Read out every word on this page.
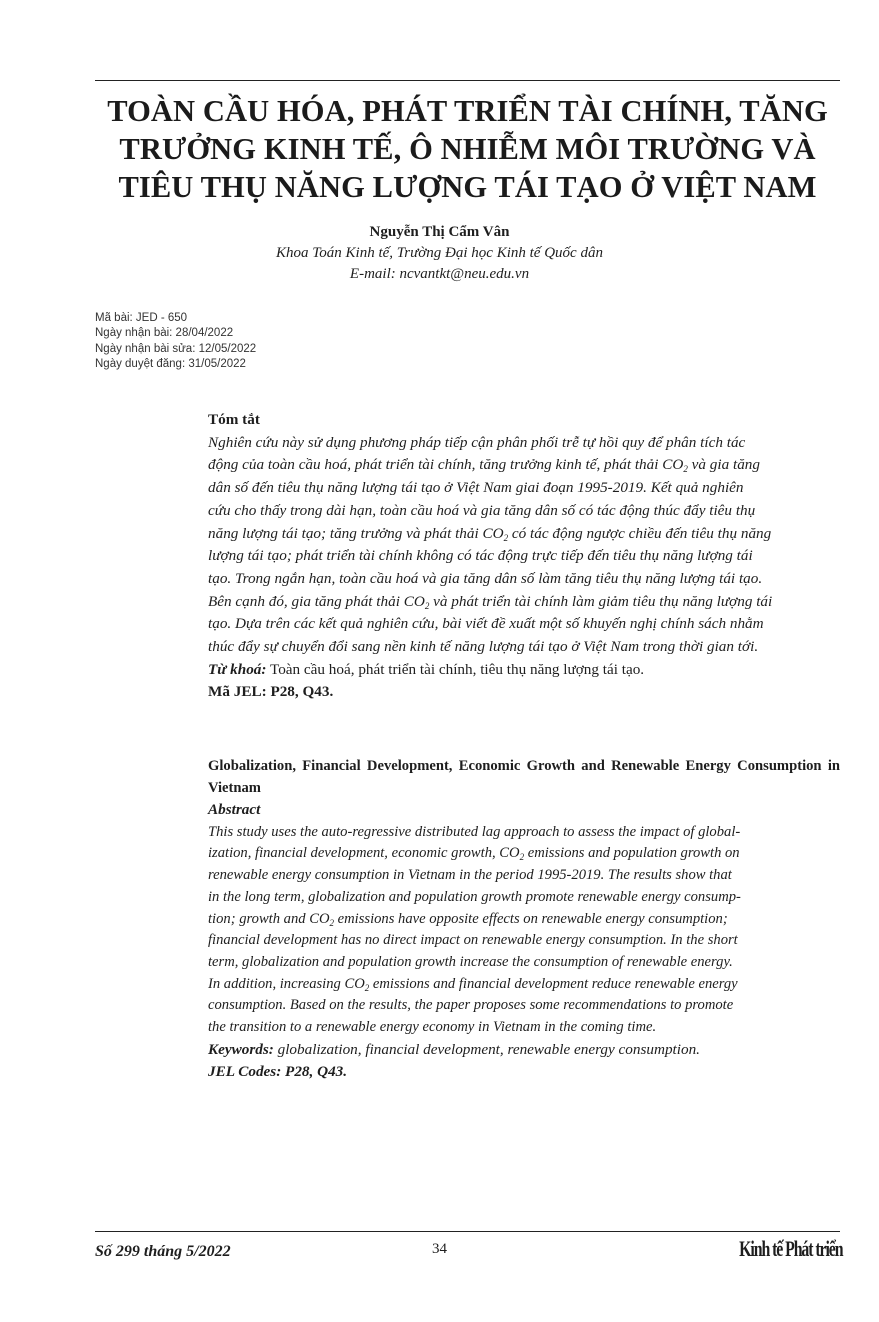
TOÀN CẦU HÓA, PHÁT TRIỂN TÀI CHÍNH, TĂNG
TRƯỞNG KINH TẾ, Ô NHIỄM MÔI TRƯỜNG VÀ
TIÊU THỤ NĂNG LƯỢNG TÁI TẠO Ở VIỆT NAM
Nguyễn Thị Cẩm Vân
Khoa Toán Kinh tế, Trường Đại học Kinh tế Quốc dân
E-mail: ncvantkt@neu.edu.vn
Mã bài: JED - 650
Ngày nhận bài: 28/04/2022
Ngày nhận bài sửa: 12/05/2022
Ngày duyệt đăng: 31/05/2022
Tóm tắt
Nghiên cứu này sử dụng phương pháp tiếp cận phân phối trễ tự hồi quy để phân tích tác
động của toàn cầu hoá, phát triển tài chính, tăng trưởng kinh tế, phát thải $CO_2$ và gia tăng
dân số đến tiêu thụ năng lượng tái tạo ở Việt Nam giai đoạn 1995-2019. Kết quả nghiên
cứu cho thấy trong dài hạn, toàn cầu hoá và gia tăng dân số có tác động thúc đẩy tiêu thụ
năng lượng tái tạo; tăng trưởng và phát thải $CO_2$ có tác động ngược chiều đến tiêu thụ năng
lượng tái tạo; phát triển tài chính không có tác động trực tiếp đến tiêu thụ năng lượng tái
tạo. Trong ngắn hạn, toàn cầu hoá và gia tăng dân số làm tăng tiêu thụ năng lượng tái tạo.
Bên cạnh đó, gia tăng phát thải $CO_2$ và phát triển tài chính làm giảm tiêu thụ năng lượng tái
tạo. Dựa trên các kết quả nghiên cứu, bài viết đề xuất một số khuyến nghị chính sách nhằm
thúc đẩy sự chuyển đổi sang nền kinh tế năng lượng tái tạo ở Việt Nam trong thời gian tới.
Từ khoá: Toàn cầu hoá, phát triển tài chính, tiêu thụ năng lượng tái tạo.
Mã JEL: P28, Q43.
Globalization, Financial Development, Economic Growth and Renewable Energy Consumption in Vietnam
Abstract
This study uses the auto-regressive distributed lag approach to assess the impact of global-
ization, financial development, economic growth, $CO_2$ emissions and population growth on
renewable energy consumption in Vietnam in the period 1995-2019. The results show that
in the long term, globalization and population growth promote renewable energy consump-
tion; growth and $CO_2$ emissions have opposite effects on renewable energy consumption;
financial development has no direct impact on renewable energy consumption. In the short
term, globalization and population growth increase the consumption of renewable energy.
In addition, increasing $CO_2$ emissions and financial development reduce renewable energy
consumption. Based on the results, the paper proposes some recommendations to promote
the transition to a renewable energy economy in Vietnam in the coming time.
Keywords: globalization, financial development, renewable energy consumption.
JEL Codes: P28, Q43.
Số 299 tháng 5/2022	34	Kinh tế Phát triển
